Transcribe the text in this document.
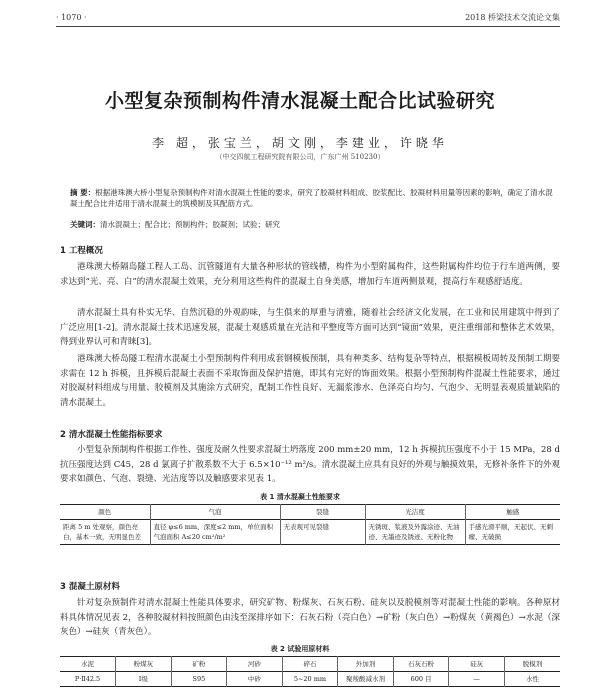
· 1070 ·	2018 桥梁技术交流论文集
小型复杂预制构件清水混凝土配合比试验研究
李 超，张宝兰，胡文刚，李建业，许晓华
（中交四航工程研究院有限公司，广东广州 510230）
摘 要：根据港珠澳大桥小型复杂预制构件对清水混凝土性能的要求，研究了胶凝材料组成、胶浆配比、胶凝材料用量等因素的影响，确定了清水混凝土配合比并适用于清水混凝土的筑模制及其配筋方式。
关键词：清水混凝土；配合比；预制构件；胶凝剂；试验；研究
1 工程概况
港珠澳大桥隔岛隧工程人工岛、沉管隧道有大量各种形状的管线槽，构件为小型附属构件，这些附属构件均位于行车道两侧，要求达到“光、亮、白”的清水混凝土效果，充分利用这些构件的混凝土自身美感，增加行车道两侧景观，提高行车观感舒适度。
清水混凝土具有朴实无华、自然沉稳的外观韵味，与生俱来的厚重与清雅，随着社会经济文化发展，在工业和民用建筑中得到了广泛应用[1-2]。清水混凝土技术迅速发展，混凝土观感质量在光洁和平整度等方面可达到“镜面”效果，更注重细部和整体艺术效果，得到业界认可和青睐[3]。
港珠澳大桥岛隧工程清水混凝土小型预制构件利用成套钢模板预制，具有种类多、结构复杂等特点，根据模板周转及预制工期要求需在 12 h 拆模，且拆模后混凝土表面不采取饰面及保护措施，即其有完好的饰面效果。根据小型预制构件混凝土性能要求，通过对胶凝材料组成与用量、胶模剂及其施涂方式研究，配制工作性良好、无漏浆渗水、色泽亮白均匀、气泡少、无明显表观质量缺陷的清水混凝土。
2 清水混凝土性能指标要求
小型复杂预制构件根据工作性、强度及耐久性要求混凝土坍落度 200 mm±20 mm，12 h 拆模抗压强度不小于 15 MPa，28 d 抗压强度达到 C45，28 d 氯离子扩散系数不大于 6.5×10⁻¹² m²/s。清水混凝土应具有良好的外观与触摸效果，无修补条件下的外观要求如颜色、气泡、裂缝、光洁度等以及触感要求见表 1。
表 1 清水混凝土性能要求
颜色	气泡	裂缝	光洁度	触感
距离 5 m 处观察，颜色亮白，基本一致，无明显色差	直径 φ≤6 mm、深度≤2 mm，单位面积气泡面积 A≤20 cm²/m²	无表观可见裂缝	无锈斑、浆液及外露涂迹、无油迹、无墨迹及锈迹、无粉化物	手感光滑平顺，无起伏、无刺瘤、无破损
3 混凝土原材料
针对复杂预制件对清水混凝土性能具体要求，研究矿物、粉煤灰、石灰石粉、硅灰以及脱模剂等对混凝土性能的影响。各种原材料具体情况见表 2，各种胶凝材料按照颜色由浅至深排序如下：石灰石粉（亮白色）→矿粉（灰白色）→粉煤灰（黄褐色）→水泥（深灰色）→硅灰（青灰色）。
表 2 试验用原材料
水泥	粉煤灰	矿粉	河砂	碎石	外加剂	石灰石粉	硅灰	脱模剂
P·Ⅱ42.5	Ⅰ级	S95	中砂	5~20 mm	聚羧酸减水剂	600 目	—	水性
